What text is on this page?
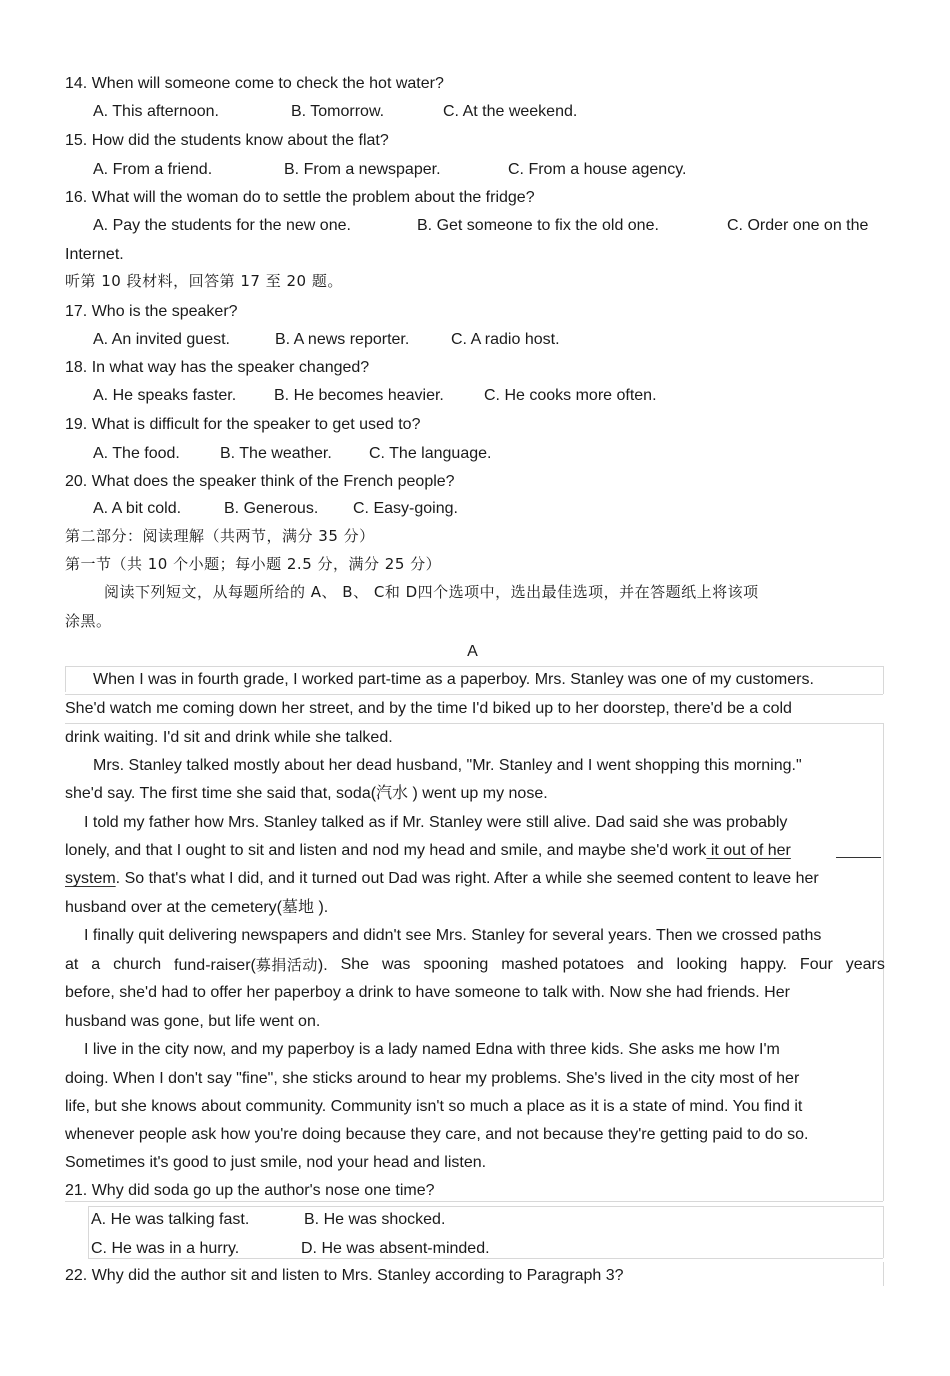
14. When will someone come to check the hot water?
A. This afternoon.	B. Tomorrow.	C. At the weekend.
15. How did the students know about the flat?
A. From a friend.	B. From a newspaper.	C. From a house agency.
16. What will the woman do to settle the problem about the fridge?
A. Pay the students for the new one.	B. Get someone to fix the old one.	C. Order one on the
Internet.
听第 10 段材料，回答第 17 至 20 题。
17. Who is the speaker?
A. An invited guest.	B. A news reporter.	C. A radio host.
18. In what way has the speaker changed?
A. He speaks faster. B. He becomes heavier.	C. He cooks more often.
19. What is difficult for the speaker to get used to?
A. The food.	B. The weather. C. The language.
20. What does the speaker think of the French people?
A. A bit cold.	B. Generous. C. Easy-going.
第二部分：阅读理解（共两节，满分 35 分）
第一节（共 10 个小题；每小题 2.5 分，满分 25 分）
阅读下列短文，从每题所给的 A、 B、 C和 D四个选项中，选出最佳选项，并在答题纸上将该项
涂黑。
A
When I was in fourth grade, I worked part-time as a paperboy. Mrs. Stanley was one of my customers.
She'd watch me coming down her street, and by the time I'd biked up to her doorstep, there'd be a cold
drink waiting. I'd sit and drink while she talked.
Mrs. Stanley talked mostly about her dead husband, "Mr. Stanley and I went shopping this morning."
she'd say. The first time she said that, soda(汽水 ) went up my nose.
I told my father how Mrs. Stanley talked as if Mr. Stanley were still alive. Dad said she was probably
lonely, and that I ought to sit and listen and nod my head and smile, and maybe she'd work it out of her
system. So that's what I did, and it turned out Dad was right. After a while she seemed content to leave her
husband over at the cemetery(墓地 ).
I finally quit delivering newspapers and didn't see Mrs. Stanley for several years. Then we crossed paths
at a church fund-raiser(募捐活动). She was spooning mashed potatoes and looking happy. Four years
before, she'd had to offer her paperboy a drink to have someone to talk with. Now she had friends. Her
husband was gone, but life went on.
I live in the city now, and my paperboy is a lady named Edna with three kids. She asks me how I'm
doing. When I don't say "fine", she sticks around to hear my problems. She's lived in the city most of her
life, but she knows about community. Community isn't so much a place as it is a state of mind. You find it
whenever people ask how you're doing because they care, and not because they're getting paid to do so.
Sometimes it's good to just smile, nod your head and listen.
21. Why did soda go up the author's nose one time?
A. He was talking fast.	B. He was shocked.
C. He was in a hurry.	D. He was absent-minded.
22. Why did the author sit and listen to Mrs. Stanley according to Paragraph 3?
